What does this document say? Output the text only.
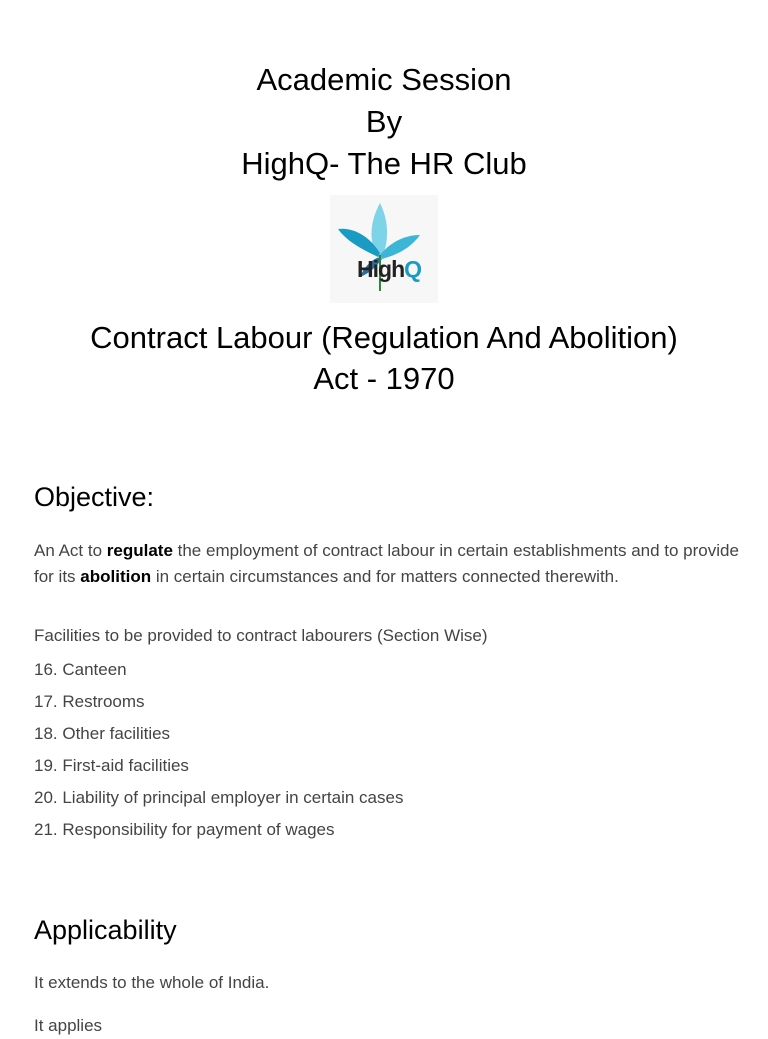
Academic Session
By
HighQ- The HR Club
HighQ
Contract Labour (Regulation And Abolition)
Act - 1970
Objective:
An Act to regulate the employment of contract labour in certain establishments and to provide for its abolition in certain circumstances and for matters connected therewith.
Facilities to be provided to contract labourers (Section Wise)
16. Canteen
17. Restrooms
18. Other facilities
19. First-aid facilities
20. Liability of principal employer in certain cases
21. Responsibility for payment of wages
Applicability
It extends to the whole of India.
It applies
